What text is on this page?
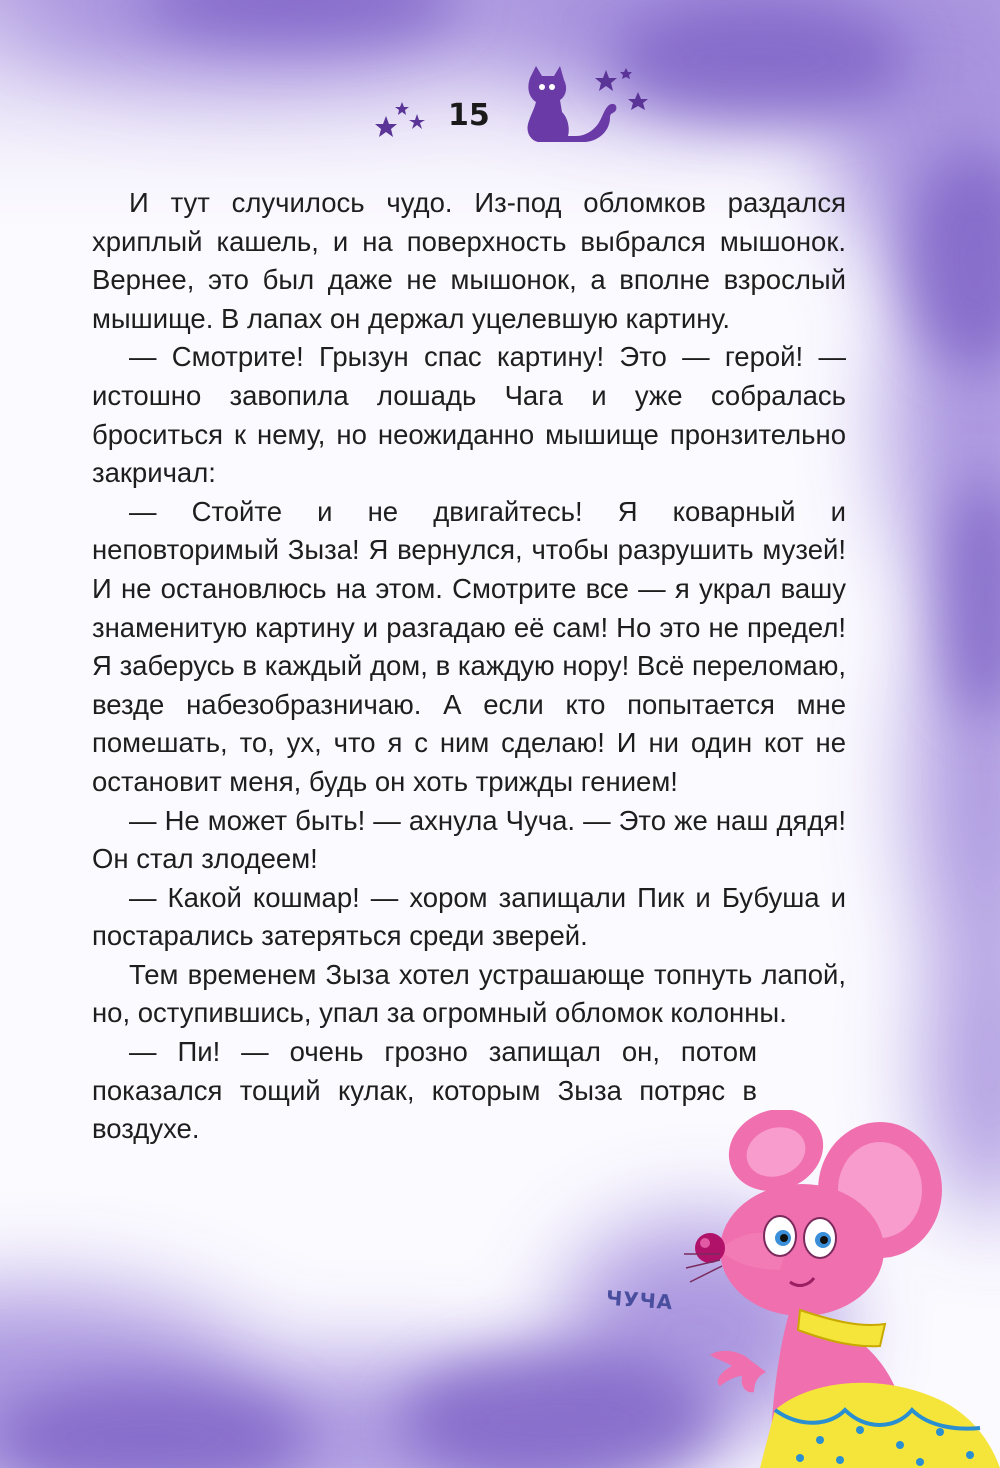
15

И тут случилось чудо. Из-под обломков раздался хриплый кашель, и на поверхность выбрался мышонок. Вернее, это был даже не мышонок, а вполне взрослый мышище. В лапах он держал уцелевшую картину.

— Смотрите! Грызун спас картину! Это — герой! — истошно завопила лошадь Чага и уже собралась броситься к нему, но неожиданно мышище пронзительно закричал:

— Стойте и не двигайтесь! Я коварный и неповторимый Зыза! Я вернулся, чтобы разрушить музей! И не остановлюсь на этом. Смотрите все — я украл вашу знаменитую картину и разгадаю её сам! Но это не предел! Я заберусь в каждый дом, в каждую нору! Всё переломаю, везде набезобразничаю. А если кто попытается мне помешать, то, ух, что я с ним сделаю! И ни один кот не остановит меня, будь он хоть трижды гением!

— Не может быть! — ахнула Чуча. — Это же наш дядя! Он стал злодеем!

— Какой кошмар! — хором запищали Пик и Бубуша и постарались затеряться среди зверей.

Тем временем Зыза хотел устрашающе топнуть лапой, но, оступившись, упал за огромный обломок колонны.

— Пи! — очень грозно запищал он, потом показался тощий кулак, которым Зыза потряс в воздухе.

ЧУЧА
